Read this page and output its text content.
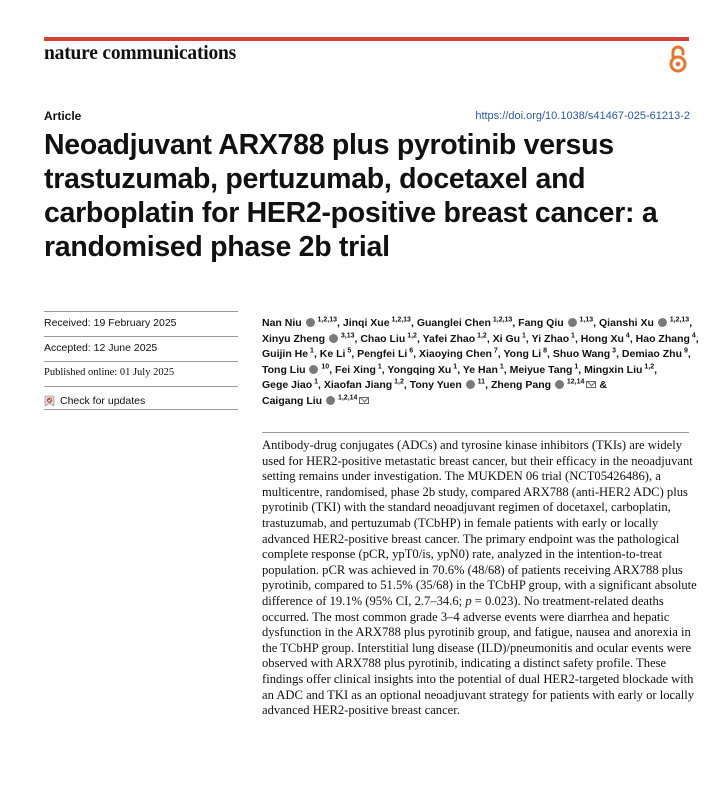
nature communications
Article	https://doi.org/10.1038/s41467-025-61213-2
Neoadjuvant ARX788 plus pyrotinib versus trastuzumab, pertuzumab, docetaxel and carboplatin for HER2-positive breast cancer: a randomised phase 2b trial
Received: 19 February 2025
Accepted: 12 June 2025
Published online: 01 July 2025
Check for updates
Nan Niu  $^{1,2,13}$, Jinqi Xue $^{1,2,13}$, Guanglei Chen $^{1,2,13}$, Fang Qiu  $^{1,13}$, Qianshi Xu  $^{1,2,13}$, Xinyu Zheng  $^{3,13}$, Chao Liu $^{1,2}$, Yafei Zhao $^{1,2}$, Xi Gu $^1$, Yi Zhao $^1$, Hong Xu $^4$, Hao Zhang $^4$, Guijin He $^1$, Ke Li $^5$, Pengfei Li $^6$, Xiaoying Chen $^7$, Yong Li $^8$, Shuo Wang $^3$, Demiao Zhu $^9$, Tong Liu  $^{10}$, Fei Xing $^1$, Yongqing Xu $^1$, Ye Han $^1$, Meiyue Tang $^1$, Mingxin Liu $^{1,2}$, Gege Jiao $^1$, Xiaofan Jiang $^{1,2}$, Tony Yuen  $^{11}$, Zheng Pang  $^{12,14}$ & Caigang Liu  $^{1,2,14}$

Antibody-drug conjugates (ADCs) and tyrosine kinase inhibitors (TKIs) are widely used for HER2-positive metastatic breast cancer, but their efficacy in the neoadjuvant setting remains under investigation. The MUKDEN 06 trial (NCT05426486), a multicentre, randomised, phase 2b study, compared ARX788 (anti-HER2 ADC) plus pyrotinib (TKI) with the standard neoadjuvant regimen of docetaxel, carboplatin, trastuzumab, and pertuzumab (TCbHP) in female patients with early or locally advanced HER2-positive breast cancer. The primary endpoint was the pathological complete response (pCR, ypT0/is, ypN0) rate, analyzed in the intention-to-treat population. pCR was achieved in 70.6% (48/68) of patients receiving ARX788 plus pyrotinib, compared to 51.5% (35/68) in the TCbHP group, with a significant absolute difference of 19.1% (95% CI, 2.7–34.6; p = 0.023). No treatment-related deaths occurred. The most common grade 3–4 adverse events were diarrhea and hepatic dysfunction in the ARX788 plus pyrotinib group, and fatigue, nausea and anorexia in the TCbHP group. Interstitial lung disease (ILD)/pneumonitis and ocular events were observed with ARX788 plus pyrotinib, indicating a distinct safety profile. These findings offer clinical insights into the potential of dual HER2-targeted blockade with an ADC and TKI as an optional neoadjuvant strategy for patients with early or locally advanced HER2-positive breast cancer.
